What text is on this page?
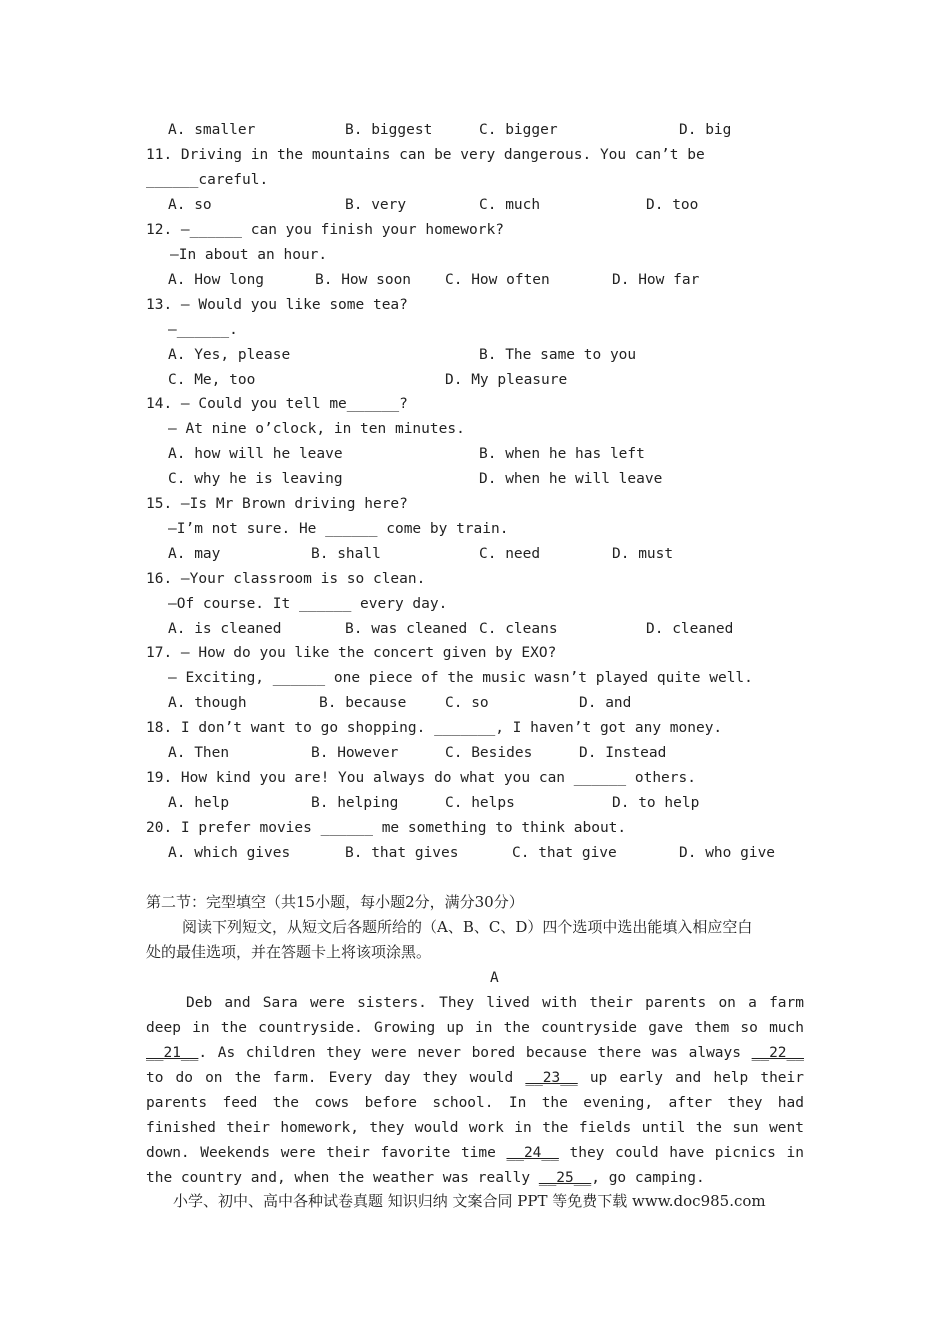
A. smaller	B. biggest	C. bigger	D. big
11. Driving in the mountains can be very dangerous. You can’t be
______careful.
A. so	B. very	C. much	D. too
12. —______ can you finish your homework?
—In about an hour.
A. How long	B. How soon C. How often	D. How far
13. — Would you like some tea?
—______.
A. Yes, please	B. The same to you
C. Me, too	D. My pleasure
14. — Could you tell me______?
— At nine o’clock, in ten minutes.
A. how will he leave	B. when he has left
C. why he is leaving	D. when he will leave
15. —Is Mr Brown driving here?
—I’m not sure. He ______ come by train.
A. may	B. shall	C. need	D. must
16. —Your classroom is so clean.
—Of course. It ______ every day.
A. is cleaned	B. was cleaned C. cleans	D. cleaned
17. — How do you like the concert given by EXO?
— Exciting, ______ one piece of the music wasn’t played quite well.
A. though	B. because	C. so	D. and
18. I don’t want to go shopping. _______, I haven’t got any money.
A. Then	B. However	C. Besides	D. Instead
19. How kind you are! You always do what you can ______ others.
A. help	B. helping	C. helps	D. to help
20. I prefer movies ______ me something to think about.
A. which gives	B. that gives	C. that give	D. who give
第二节：完型填空（共15小题，每小题2分，满分30分）
阅读下列短文，从短文后各题所给的（A、B、C、D）四个选项中选出能填入相应空白
处的最佳选项，并在答题卡上将该项涂黑。
A
Deb and Sara were sisters. They lived with their parents on a farm deep in the countryside. Growing up in the countryside gave them so much __21__. As children they were never bored because there was always __22__ to do on the farm. Every day they would __23__ up early and help their parents feed the cows before school. In the evening, after they had finished their homework, they would work in the fields until the sun went down. Weekends were their favorite time __24__ they could have picnics in the country and, when the weather was really __25__, go camping.
小学、初中、高中各种试卷真题 知识归纳 文案合同 PPT 等免费下载 www.doc985.com
